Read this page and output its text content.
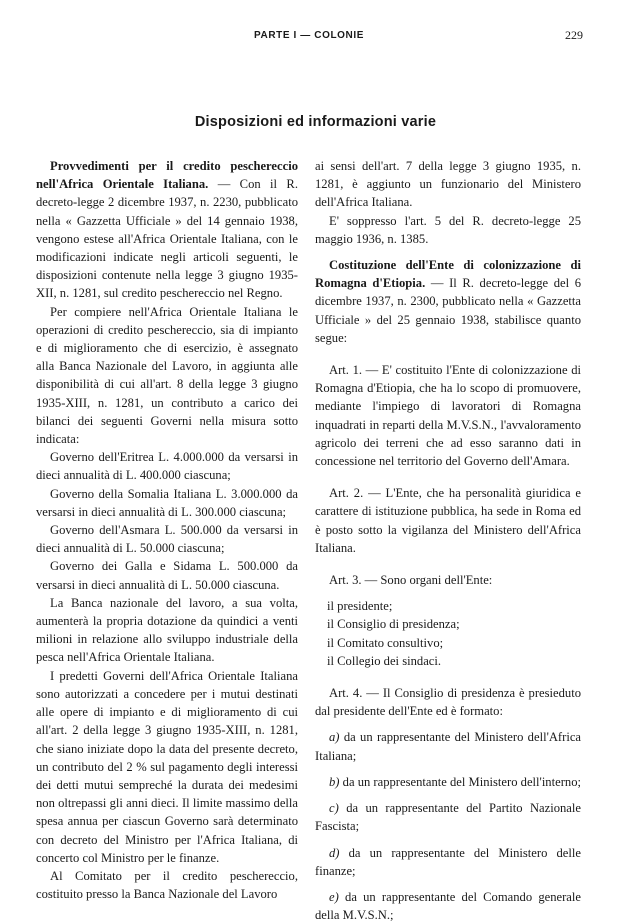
PARTE I — COLONIE	229
Disposizioni ed informazioni varie

Provvedimenti per il credito peschereccio nell'Africa Orientale Italiana. — Con il R. decreto-legge 2 dicembre 1937, n. 2230, pubblicato nella « Gazzetta Ufficiale » del 14 gennaio 1938, vengono estese all'Africa Orientale Italiana, con le modificazioni indicate negli articoli seguenti, le disposizioni contenute nella legge 3 giugno 1935-XII, n. 1281, sul credito peschereccio nel Regno.

Per compiere nell'Africa Orientale Italiana le operazioni di credito peschereccio, sia di impianto e di miglioramento che di esercizio, è assegnato alla Banca Nazionale del Lavoro, in aggiunta alle disponibilità di cui all'art. 8 della legge 3 giugno 1935-XIII, n. 1281, un contributo a carico dei bilanci dei seguenti Governi nella misura sotto indicata:

Governo dell'Eritrea L. 4.000.000 da versarsi in dieci annualità di L. 400.000 ciascuna;

Governo della Somalia Italiana L. 3.000.000 da versarsi in dieci annualità di L. 300.000 ciascuna;

Governo dell'Asmara L. 500.000 da versarsi in dieci annualità di L. 50.000 ciascuna;

Governo dei Galla e Sidama L. 500.000 da versarsi in dieci annualità di L. 50.000 ciascuna.

La Banca nazionale del lavoro, a sua volta, aumenterà la propria dotazione da quindici a venti milioni in relazione allo sviluppo industriale della pesca nell'Africa Orientale Italiana.

I predetti Governi dell'Africa Orientale Italiana sono autorizzati a concedere per i mutui destinati alle opere di impianto e di miglioramento di cui all'art. 2 della legge 3 giugno 1935-XIII, n. 1281, che siano iniziate dopo la data del presente decreto, un contributo del 2 % sul pagamento degli interessi dei detti mutui sempreché la durata dei medesimi non oltrepassi gli anni dieci. Il limite massimo della spesa annua per ciascun Governo sarà determinato con decreto del Ministro per l'Africa Italiana, di concerto col Ministro per le finanze.

Al Comitato per il credito peschereccio, costituito presso la Banca Nazionale del Lavoro

ai sensi dell'art. 7 della legge 3 giugno 1935, n. 1281, è aggiunto un funzionario del Ministero dell'Africa Italiana.

E' soppresso l'art. 5 del R. decreto-legge 25 maggio 1936, n. 1385.

Costituzione dell'Ente di colonizzazione di Romagna d'Etiopia. — Il R. decreto-legge del 6 dicembre 1937, n. 2300, pubblicato nella « Gazzetta Ufficiale » del 25 gennaio 1938, stabilisce quanto segue:

Art. 1. — E' costituito l'Ente di colonizzazione di Romagna d'Etiopia, che ha lo scopo di promuovere, mediante l'impiego di lavoratori di Romagna inquadrati in reparti della M.V.S.N., l'avvaloramento agricolo dei terreni che ad esso saranno dati in concessione nel territorio del Governo dell'Amara.

Art. 2. — L'Ente, che ha personalità giuridica e carattere di istituzione pubblica, ha sede in Roma ed è posto sotto la vigilanza del Ministero dell'Africa Italiana.

Art. 3. — Sono organi dell'Ente:

il presidente;
il Consiglio di presidenza;
il Comitato consultivo;
il Collegio dei sindaci.

Art. 4. — Il Consiglio di presidenza è presieduto dal presidente dell'Ente ed è formato:

a) da un rappresentante del Ministero dell'Africa Italiana;

b) da un rappresentante del Ministero dell'interno;

c) da un rappresentante del Partito Nazionale Fascista;

d) da un rappresentante del Ministero delle finanze;

e) da un rappresentante del Comando generale della M.V.S.N.;
